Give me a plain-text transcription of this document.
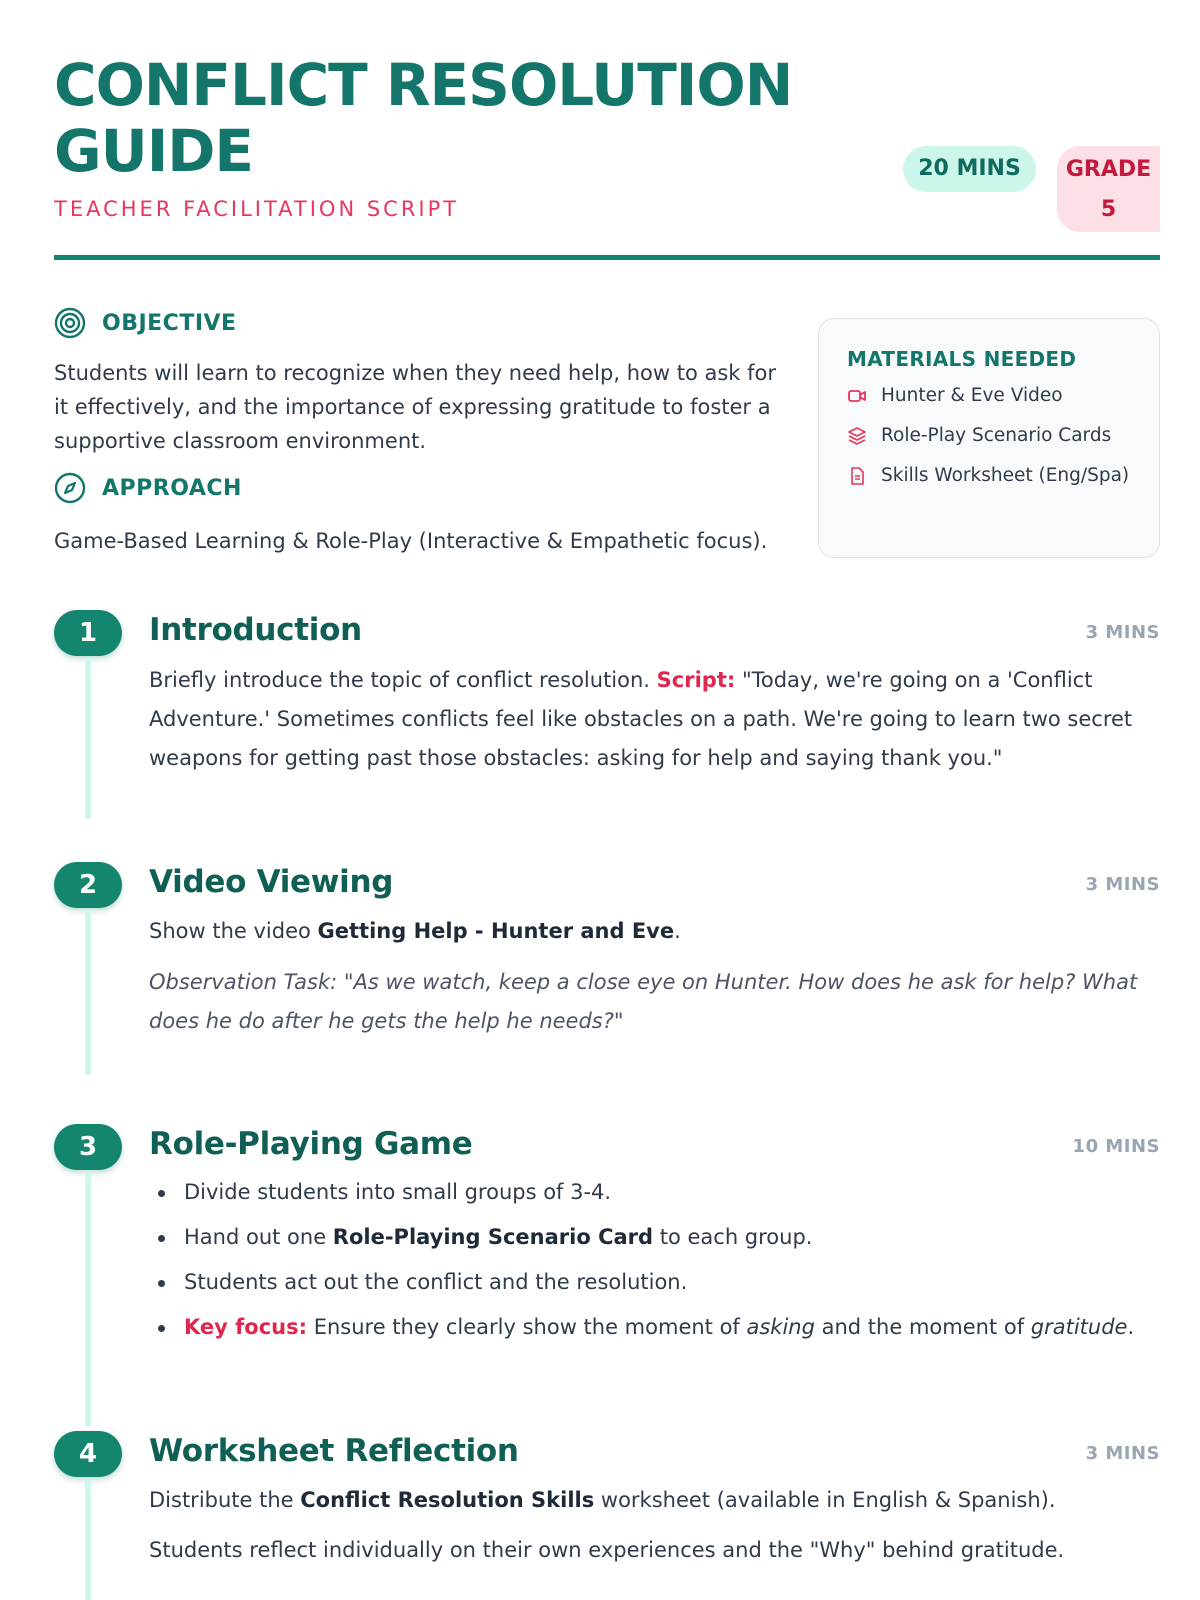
CONFLICT RESOLUTION GUIDE

TEACHER FACILITATION SCRIPT

20 MINS	GRADE 5
OBJECTIVE

Students will learn to recognize when they need help, how to ask for it effectively, and the importance of expressing gratitude to foster a supportive classroom environment.

APPROACH

Game-Based Learning & Role-Play (Interactive & Empathetic focus).

MATERIALS NEEDED
Hunter & Eve Video
Role-Play Scenario Cards
Skills Worksheet (Eng/Spa)
1	Introduction	3 MINS

Briefly introduce the topic of conflict resolution. Script: "Today, we're going on a 'Conflict Adventure.' Sometimes conflicts feel like obstacles on a path. We're going to learn two secret weapons for getting past those obstacles: asking for help and saying thank you."

2	Video Viewing	3 MINS

Show the video Getting Help - Hunter and Eve.

Observation Task: "As we watch, keep a close eye on Hunter. How does he ask for help? What does he do after he gets the help he needs?"

3	Role-Playing Game	10 MINS
Divide students into small groups of 3-4.
Hand out one Role-Playing Scenario Card to each group.
Students act out the conflict and the resolution.
Key focus: Ensure they clearly show the moment of asking and the moment of gratitude.
4	Worksheet Reflection	3 MINS

Distribute the Conflict Resolution Skills worksheet (available in English & Spanish).

Students reflect individually on their own experiences and the "Why" behind gratitude.
